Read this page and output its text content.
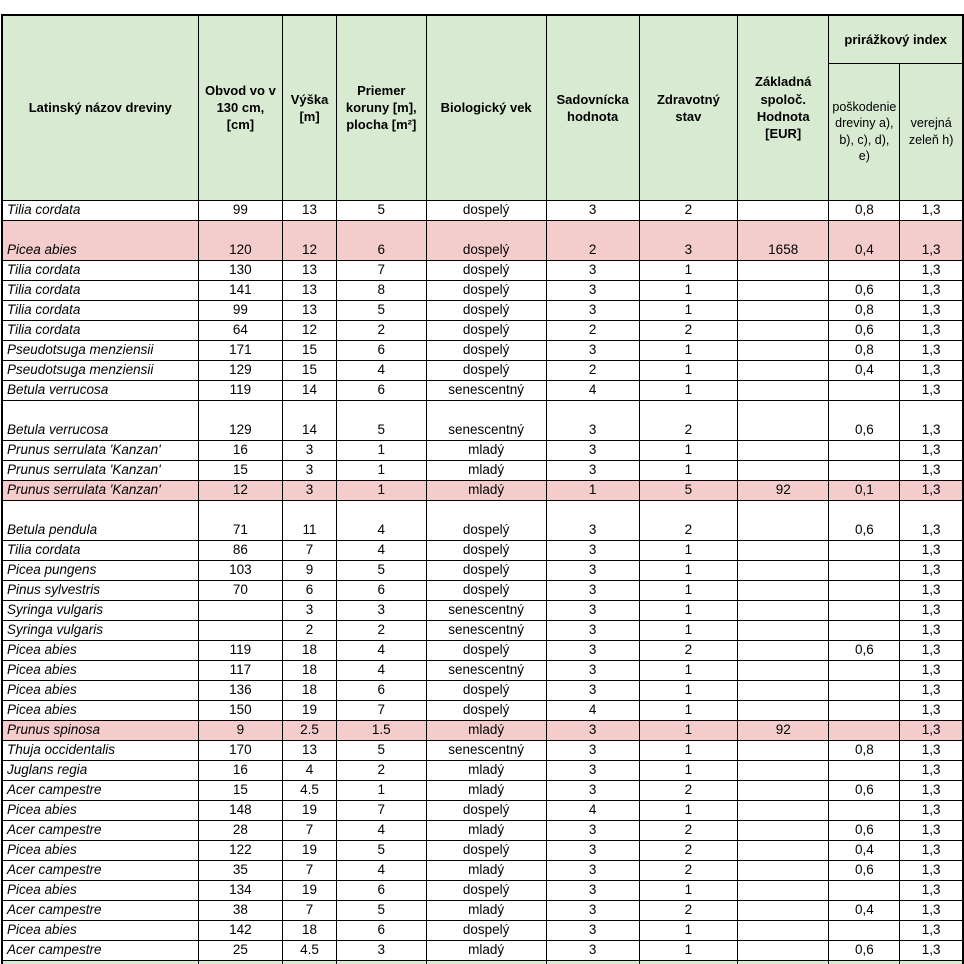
Latinský názov dreviny	Obvod vo v 130 cm, [cm]	Výška [m]	Priemer koruny [m], plocha [m²]	Biologický vek	Sadovnícka hodnota	Zdravotný stav	Základná spoloč. Hodnota [EUR]	prirážkový index	
								poškodenie dreviny a), b), c), d), e)	verejná zeleň h)
Tilia cordata	99	13	5	dospelý	3	2		0,8	1,3
Picea abies	120	12	6	dospelý	2	3	1658	0,4	1,3
Tilia cordata	130	13	7	dospelý	3	1			1,3
Tilia cordata	141	13	8	dospelý	3	1		0,6	1,3
Tilia cordata	99	13	5	dospelý	3	1		0,8	1,3
Tilia cordata	64	12	2	dospelý	2	2		0,6	1,3
Pseudotsuga menziensii	171	15	6	dospelý	3	1		0,8	1,3
Pseudotsuga menziensii	129	15	4	dospelý	2	1		0,4	1,3
Betula verrucosa	119	14	6	senescentný	4	1			1,3
Betula verrucosa	129	14	5	senescentný	3	2		0,6	1,3
Prunus serrulata 'Kanzan'	16	3	1	mladý	3	1			1,3
Prunus serrulata 'Kanzan'	15	3	1	mladý	3	1			1,3
Prunus serrulata 'Kanzan'	12	3	1	mladý	1	5	92	0,1	1,3
Betula pendula	71	11	4	dospelý	3	2		0,6	1,3
Tilia cordata	86	7	4	dospelý	3	1			1,3
Picea pungens	103	9	5	dospelý	3	1			1,3
Pinus sylvestris	70	6	6	dospelý	3	1			1,3
Syringa vulgaris		3	3	senescentný	3	1			1,3
Syringa vulgaris		2	2	senescentný	3	1			1,3
Picea abies	119	18	4	dospelý	3	2		0,6	1,3
Picea abies	117	18	4	senescentný	3	1			1,3
Picea abies	136	18	6	dospelý	3	1			1,3
Picea abies	150	19	7	dospelý	4	1			1,3
Prunus spinosa	9	2.5	1.5	mladý	3	1	92		1,3
Thuja occidentalis	170	13	5	senescentný	3	1		0,8	1,3
Juglans regia	16	4	2	mladý	3	1			1,3
Acer campestre	15	4.5	1	mladý	3	2		0,6	1,3
Picea abies	148	19	7	dospelý	4	1			1,3
Acer campestre	28	7	4	mladý	3	2		0,6	1,3
Picea abies	122	19	5	dospelý	3	2		0,4	1,3
Acer campestre	35	7	4	mladý	3	2		0,6	1,3
Picea abies	134	19	6	dospelý	3	1			1,3
Acer campestre	38	7	5	mladý	3	2		0,4	1,3
Picea abies	142	18	6	dospelý	3	1			1,3
Acer campestre	25	4.5	3	mladý	3	1		0,6	1,3
